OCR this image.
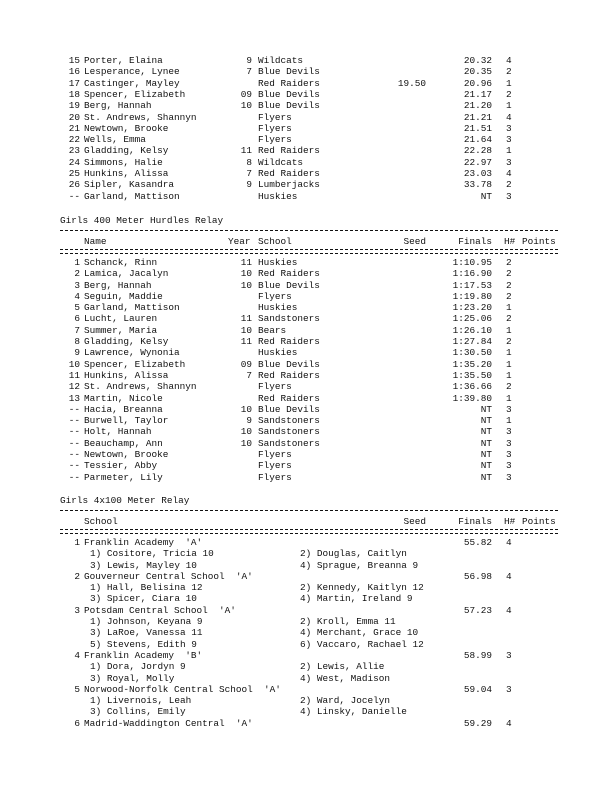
15 Porter, Elaina	9 Wildcats	20.32 4
16 Lesperance, Lynee	7 Blue Devils	20.35 2
17 Castinger, Mayley	Red Raiders	19.50	20.96 1
18 Spencer, Elizabeth	09 Blue Devils	21.17 2
19 Berg, Hannah	10 Blue Devils	21.20 1
20 St. Andrews, Shannyn	Flyers	21.21 4
21 Newtown, Brooke	Flyers	21.51 3
22 Wells, Emma	Flyers	21.64 3
23 Gladding, Kelsy	11 Red Raiders	22.28 1
24 Simmons, Halie	8 Wildcats	22.97 3
25 Hunkins, Alissa	7 Red Raiders	23.03 4
26 Sipler, Kasandra	9 Lumberjacks	33.78 2
-- Garland, Mattison	Huskies	NT 3
Girls 400 Meter Hurdles Relay
Name	Year School	Seed	Finals H# Points
1 Schanck, Rinn	11 Huskies	1:10.95 2
2 Lamica, Jacalyn	10 Red Raiders	1:16.90 2
3 Berg, Hannah	10 Blue Devils	1:17.53 2
4 Seguin, Maddie	Flyers	1:19.80 2
5 Garland, Mattison	Huskies	1:23.20 1
6 Lucht, Lauren	11 Sandstoners	1:25.06 2
7 Summer, Maria	10 Bears	1:26.10 1
8 Gladding, Kelsy	11 Red Raiders	1:27.84 2
9 Lawrence, Wynonia	Huskies	1:30.50 1
10 Spencer, Elizabeth	09 Blue Devils	1:35.20 1
11 Hunkins, Alissa	7 Red Raiders	1:35.50 1
12 St. Andrews, Shannyn	Flyers	1:36.66 2
13 Martin, Nicole	Red Raiders	1:39.80 1
-- Hacia, Breanna	10 Blue Devils	NT 3
-- Burwell, Taylor	9 Sandstoners	NT 1
-- Holt, Hannah	10 Sandstoners	NT 3
-- Beauchamp, Ann	10 Sandstoners	NT 3
-- Newtown, Brooke	Flyers	NT 3
-- Tessier, Abby	Flyers	NT 3
-- Parmeter, Lily	Flyers	NT 3
Girls 4x100 Meter Relay
School	Seed	Finals H# Points
1 Franklin Academy  'A'	55.82 4
1) Cositore, Tricia 10	2) Douglas, Caitlyn
3) Lewis, Mayley 10	4) Sprague, Breanna 9
2 Gouverneur Central School  'A'	56.98 4
1) Hall, Belisina 12	2) Kennedy, Kaitlyn 12
3) Spicer, Ciara 10	4) Martin, Ireland 9
3 Potsdam Central School  'A'	57.23 4
1) Johnson, Keyana 9	2) Kroll, Emma 11
3) LaRoe, Vanessa 11	4) Merchant, Grace 10
5) Stevens, Edith 9	6) Vaccaro, Rachael 12
4 Franklin Academy  'B'	58.99 3
1) Dora, Jordyn 9	2) Lewis, Allie
3) Royal, Molly	4) West, Madison
5 Norwood-Norfolk Central School  'A'	59.04 3
1) Livernois, Leah	2) Ward, Jocelyn
3) Collins, Emily	4) Linsky, Danielle
6 Madrid-Waddington Central  'A'	59.29 4
